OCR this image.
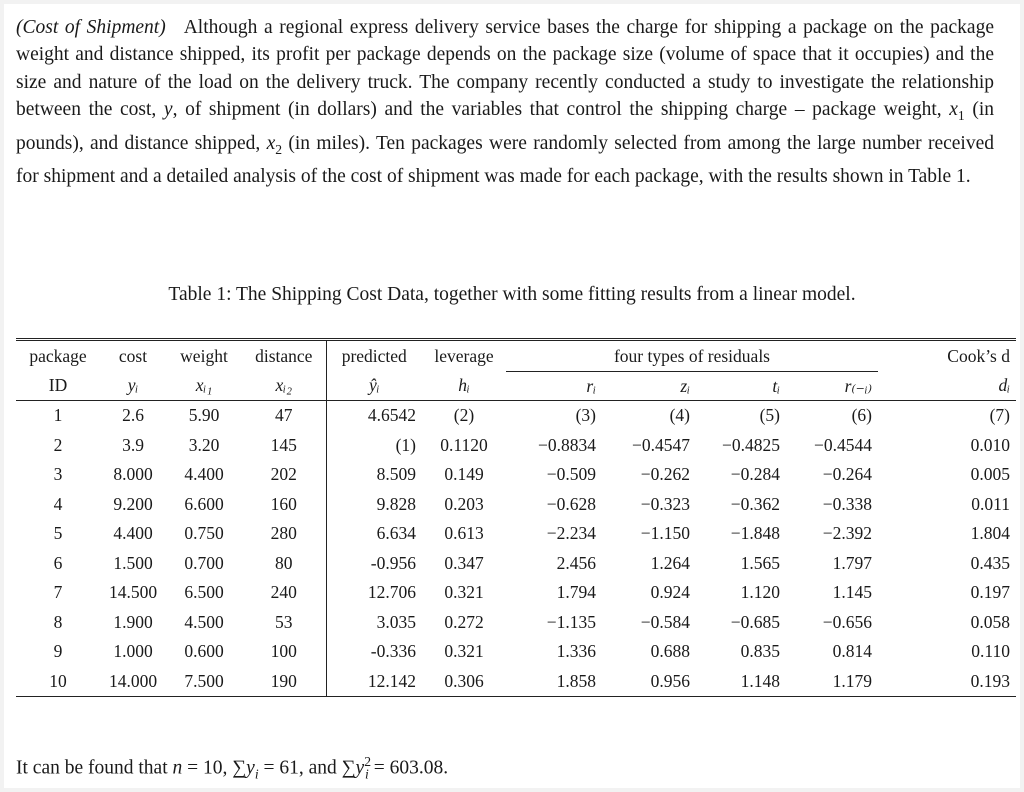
(Cost of Shipment) Although a regional express delivery service bases the charge for shipping a package on the package weight and distance shipped, its profit per package depends on the package size (volume of space that it occupies) and the size and nature of the load on the delivery truck. The company recently conducted a study to investigate the relationship between the cost, y, of shipment (in dollars) and the variables that control the shipping charge – package weight, $x_1$ (in pounds), and distance shipped, $x_2$ (in miles). Ten packages were randomly selected from among the large number received for shipment and a detailed analysis of the cost of shipment was made for each package, with the results shown in Table 1.
Table 1: The Shipping Cost Data, together with some fitting results from a linear model.
package	cost	weight	distance	predicted	leverage	four types of residuals				Cook’s d
ID	yᵢ	xᵢ₁	xᵢ₂	ŷᵢ	hᵢ	rᵢ	zᵢ	tᵢ	r₍₋ᵢ₎	dᵢ
1	2.6	5.90	47	4.6542	(2)	(3)	(4)	(5)	(6)	(7)
2	3.9	3.20	145	(1)	0.1120	−0.8834	−0.4547	−0.4825	−0.4544	0.010
3	8.000	4.400	202	8.509	0.149	−0.509	−0.262	−0.284	−0.264	0.005
4	9.200	6.600	160	9.828	0.203	−0.628	−0.323	−0.362	−0.338	0.011
5	4.400	0.750	280	6.634	0.613	−2.234	−1.150	−1.848	−2.392	1.804
6	1.500	0.700	80	-0.956	0.347	2.456	1.264	1.565	1.797	0.435
7	14.500	6.500	240	12.706	0.321	1.794	0.924	1.120	1.145	0.197
8	1.900	4.500	53	3.035	0.272	−1.135	−0.584	−0.685	−0.656	0.058
9	1.000	0.600	100	-0.336	0.321	1.336	0.688	0.835	0.814	0.110
10	14.000	7.500	190	12.142	0.306	1.858	0.956	1.148	1.179	0.193
It can be found that n = 10, $\sum y_i = 61$, and $\sum y^2_i = 603.08$.
